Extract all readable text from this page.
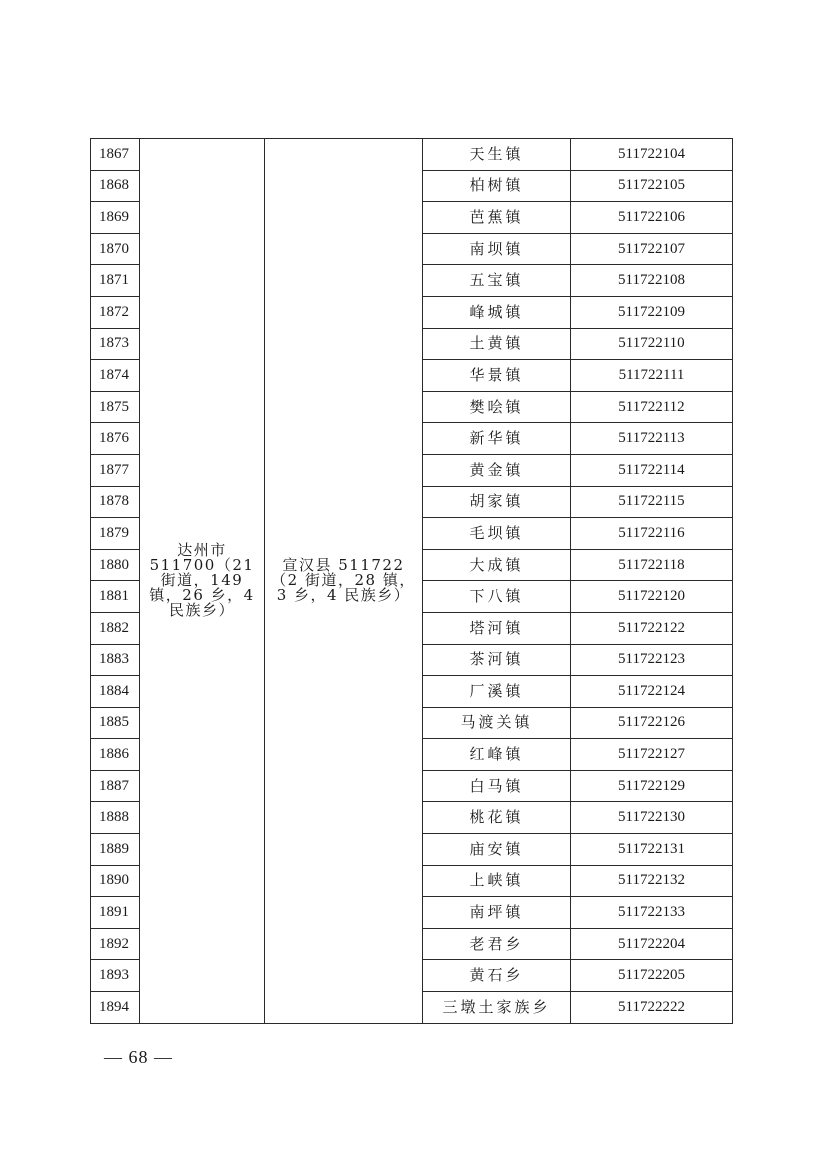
1867	达州市 511700（21 街道，149 镇，26 乡，4 民族乡）	宣汉县 511722（2 街道，28 镇，3 乡，4 民族乡）	天生镇	511722104
1868			柏树镇	511722105
1869			芭蕉镇	511722106
1870			南坝镇	511722107
1871			五宝镇	511722108
1872			峰城镇	511722109
1873			土黄镇	511722110
1874			华景镇	511722111
1875			樊哙镇	511722112
1876			新华镇	511722113
1877			黄金镇	511722114
1878			胡家镇	511722115
1879			毛坝镇	511722116
1880			大成镇	511722118
1881			下八镇	511722120
1882			塔河镇	511722122
1883			茶河镇	511722123
1884			厂溪镇	511722124
1885			马渡关镇	511722126
1886			红峰镇	511722127
1887			白马镇	511722129
1888			桃花镇	511722130
1889			庙安镇	511722131
1890			上峡镇	511722132
1891			南坪镇	511722133
1892			老君乡	511722204
1893			黄石乡	511722205
1894			三墩土家族乡	511722222
— 68 —
